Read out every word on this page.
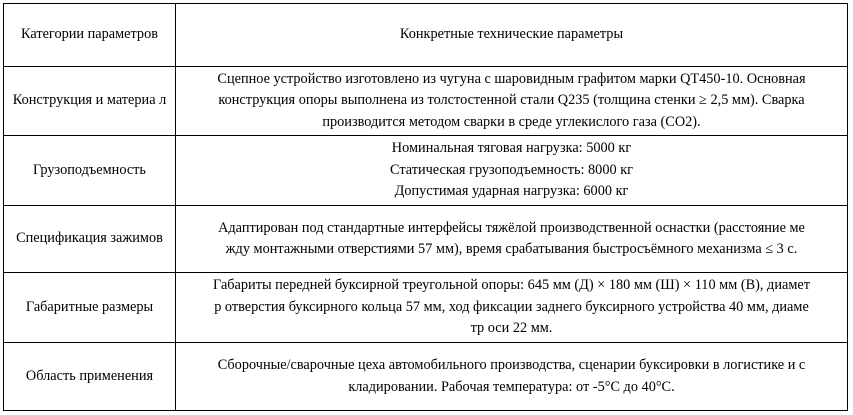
Категории параметров	Конкретные технические параметры
Конструкция и материа л	Сцепное устройство изготовлено из чугуна с шаровидным графитом марки QT450-10. Основная
конструкция опоры выполнена из толстостенной стали Q235 (толщина стенки ≥ 2,5 мм). Сварка
производится методом сварки в среде углекислого газа (CO2).

Грузоподъемность	Номинальная тяговая нагрузка: 5000 кг
Статическая грузоподъемность: 8000 кг
Допустимая ударная нагрузка: 6000 кг

Спецификация зажимов	Адаптирован под стандартные интерфейсы тяжёлой производственной оснастки (расстояние ме
жду монтажными отверстиями 57 мм), время срабатывания быстросъёмного механизма ≤ 3 с.

Габаритные размеры	Габариты передней буксирной треугольной опоры: 645 мм (Д) × 180 мм (Ш) × 110 мм (В), диамет
р отверстия буксирного кольца 57 мм, ход фиксации заднего буксирного устройства 40 мм, диаме
тр оси 22 мм.

Область применения	Сборочные/сварочные цеха автомобильного производства, сценарии буксировки в логистике и с
кладировании. Рабочая температура: от -5°C до 40°C.
